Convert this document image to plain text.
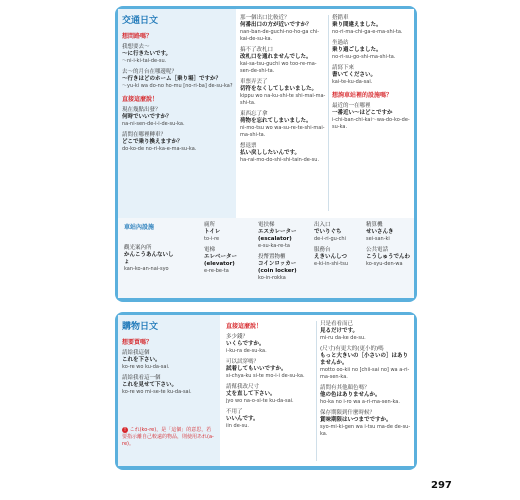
交通日文
想問路嗎？
我想要去～
～に行きたいです。
～ni-i-ki-tai-de-su.
去～的月台在哪邊呢？
～行きはどのホーム［乗り場］ですか？
～yu-ki wa do-no ho-mu [no-ri-ba] de-su-ka?
直接這麼說！
現在幾點出發？
何時でいいですか？
na-ni-sen-de-i-i-de-su-ka.
請問在哪裡轉車？
どこで乗り換えますか？
do-ko-de no-ri-ka-e-ma-su-ka.
那一個出口比較近？
何番出口の方が近いですか？
nan-ban-de-guchi-no-ho-ga chi-kai-de-su-ka.
搞不了改札口
改札口を通れませんでした。
kai-sa-tsu-guchi wo too-re-ma-sen-de-shi-ta.
車票弄丟了
切符をなくしてしまいました。
kippu wo na-ku-shi-te shi-mai-ma-shi-ta.
東西忘了拿
荷物を忘れてしまいました。
ni-mo-tsu wo wa-su-re-te-shi-mai-ma-shi-ta.
想退票
払い戻ししたいんです。
ha-rai-mo-do-shi-shi-tain-de-su.
搭錯車
乗り間違えました。
no-ri-ma-chi-ga-e-ma-shi-ta.
坐過站
乗り過ごしました。
no-ri-su-go-shi-ma-shi-ta.
請寫下來
書いてください。
kai-te-ku-da-sai.
想詢車站裡的設施嗎？
最近的一在哪裡
一番近い～はどこですか
i-chi-ban-chi-kai～wa-do-ko-de-su-ka.
車站內設施
觀光案內所
かんこうあんないしょ
kan-ko-an-nai-syo
廁所
トイレ
to-i-re
電梯
エレベーター (elevator)
e-re-be-ta
電扶梯
エスカレーター (escalator)
e-su-ka-re-ta
投幣置物櫃
コインロッカー (coin locker)
ko-in-rokka
出入口
でいりぐち
de-i-ri-gu-chi
服務台
えきいんしつ
e-ki-in-shi-tsu
精算機
せいさんき
sei-san-ki
公共電話
こうしゅうでんわ
ko-syu-den-wa
購物日文
想要買嗎？
請給我這個
これを下さい。
ko-re wo ku-da-sai.
請給我看這一個
これを見せて下さい。
ko-re wo mi-se-te ku-da-sai.
! これ(ko-re)，是「這個」的意思，若要指示離自己較遠的物品，則使用あれ(a-re)。
直接這麼說！
多少錢？
いくらですか。
i-ku-ra de-su-ka.
可以試穿嗎？
試着してもいいですか。
si-chya-ku si-te mo-i-i de-su-ka.
請幫我改尺寸
丈を直して下さい。
jyo wo na-o-si-te ku-da-sai.
不用了
いいんです。
iin de-su.
只是看看而已
見るだけです。
mi-ru da-ke de-su.
(尺寸)有更大的(更小的)嗎
もっと大きいの［小さいの］はありませんか。
motto oo-kii no [chii-sai no] wa a-ri-ma-sen-ka.
請問有其他顏色嗎？
他の色はありませんか。
ho-ka no i-ro wa a-ri-ma-sen-ka.
保存期限到什麼時候？
賞味期限はいつまでですか。
syo-mi-ki-gen wa i-tsu ma-de de-su-ka.
297
